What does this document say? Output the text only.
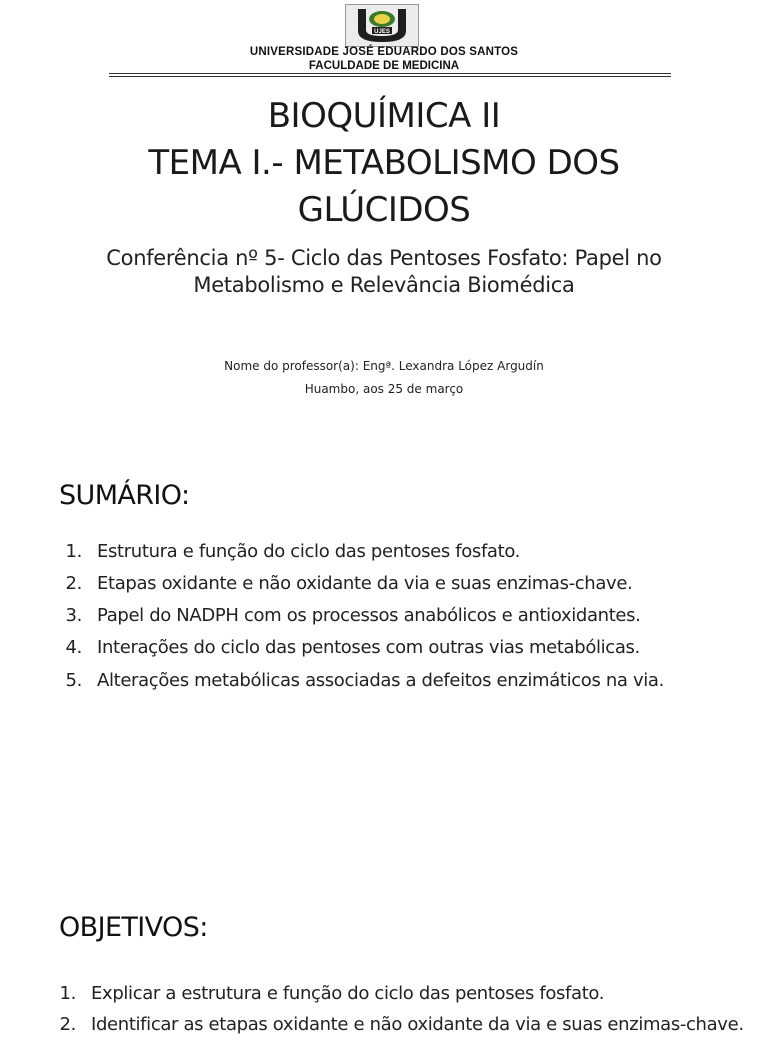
UJES
UNIVERSIDADE JOSÉ EDUARDO DOS SANTOS
FACULDADE DE MEDICINA
BIOQUÍMICA II
TEMA I.- METABOLISMO DOS
GLÚCIDOS
Conferência nº 5- Ciclo das Pentoses Fosfato: Papel no Metabolismo e Relevância Biomédica
Nome do professor(a): Engª. Lexandra López Argudín
Huambo, aos 25 de março
SUMÁRIO:
1. Estrutura e função do ciclo das pentoses fosfato.
2. Etapas oxidante e não oxidante da via e suas enzimas-chave.
3. Papel do NADPH com os processos anabólicos e antioxidantes.
4. Interações do ciclo das pentoses com outras vias metabólicas.
5. Alterações metabólicas associadas a defeitos enzimáticos na via.
OBJETIVOS:
1. Explicar a estrutura e função do ciclo das pentoses fosfato.
2. Identificar as etapas oxidante e não oxidante da via e suas enzimas-chave.
